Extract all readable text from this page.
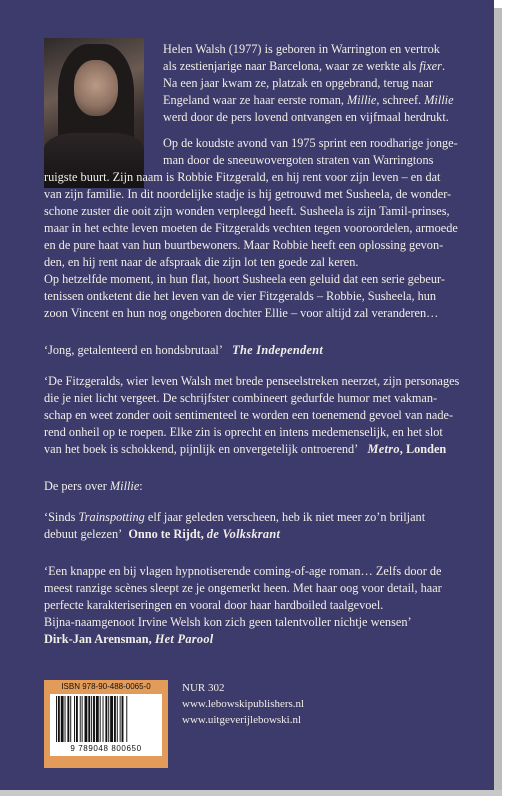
Helen Walsh (1977) is geboren in Warrington en vertrok

als zestienjarige naar Barcelona, waar ze werkte als fixer.

Na een jaar kwam ze, platzak en opgebrand, terug naar

Engeland waar ze haar eerste roman, Millie, schreef. Millie

werd door de pers lovend ontvangen en vijfmaal herdrukt.

Op de koudste avond van 1975 sprint een roodharige jonge-

man door de sneeuwovergoten straten van Warringtons

ruigste buurt. Zijn naam is Robbie Fitzgerald, en hij rent voor zijn leven – en dat

van zijn familie. In dit noordelijke stadje is hij getrouwd met Susheela, de wonder-

schone zuster die ooit zijn wonden verpleegd heeft. Susheela is zijn Tamil-prinses,

maar in het echte leven moeten de Fitzgeralds vechten tegen vooroordelen, armoede

en de pure haat van hun buurtbewoners. Maar Robbie heeft een oplossing gevon-

den, en hij rent naar de afspraak die zijn lot ten goede zal keren.

Op hetzelfde moment, in hun flat, hoort Susheela een geluid dat een serie gebeur-

tenissen ontketent die het leven van de vier Fitzgeralds – Robbie, Susheela, hun

zoon Vincent en hun nog ongeboren dochter Ellie – voor altijd zal veranderen…

‘Jong, getalenteerd en hondsbrutaal’ The Independent

‘De Fitzgeralds, wier leven Walsh met brede penseelstreken neerzet, zijn personages

die je niet licht vergeet. De schrijfster combineert gedurfde humor met vakman-

schap en weet zonder ooit sentimenteel te worden een toenemend gevoel van nade-

rend onheil op te roepen. Elke zin is oprecht en intens medemenselijk, en het slot

van het boek is schokkend, pijnlijk en onvergetelijk ontroerend’ Metro, Londen

De pers over Millie:

‘Sinds Trainspotting elf jaar geleden verscheen, heb ik niet meer zo’n briljant

debuut gelezen’ Onno te Rijdt, de Volkskrant

‘Een knappe en bij vlagen hypnotiserende coming-of-age roman… Zelfs door de

meest ranzige scènes sleept ze je ongemerkt heen. Met haar oog voor detail, haar

perfecte karakteriseringen en vooral door haar hardboiled taalgevoel.

Bijna-naamgenoot Irvine Welsh kon zich geen talentvoller nichtje wensen’

Dirk-Jan Arensman, Het Parool

ISBN 978-90-488-0065-0
9 789048 800650
NUR 302
www.lebowskipublishers.nl
www.uitgeverijlebowski.nl
